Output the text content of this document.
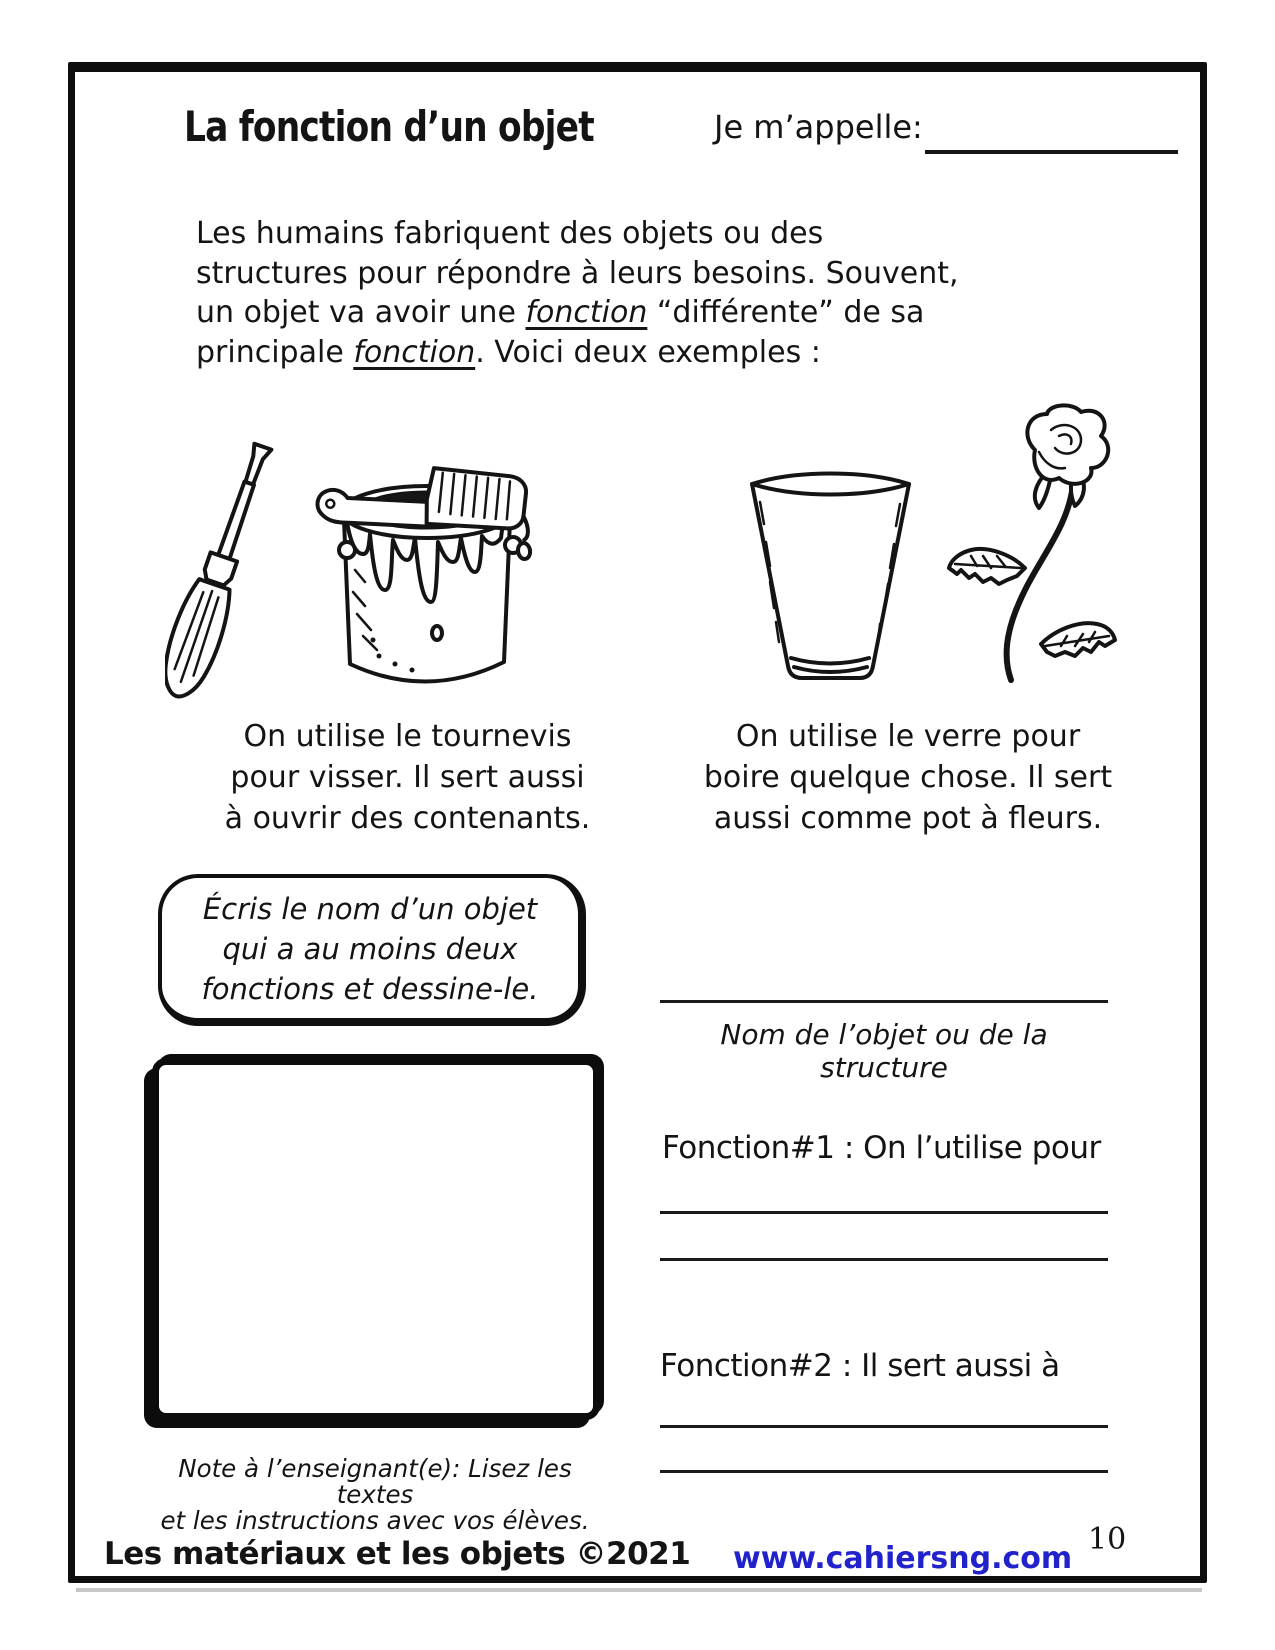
La fonction d’un objet	Je m’appelle:
Les humains fabriquent des objets ou des
structures pour répondre à leurs besoins. Souvent,
un objet va avoir une fonction “différente” de sa
principale fonction. Voici deux exemples :
On utilise le tournevis
pour visser. Il sert aussi
à ouvrir des contenants.
On utilise le verre pour
boire quelque chose. Il sert
aussi comme pot à fleurs.
Écris le nom d’un objet
qui a au moins deux
fonctions et dessine-le.
Nom de l’objet ou de la structure
Fonction#1 : On l’utilise pour
Fonction#2 : Il sert aussi à
Note à l’enseignant(e): Lisez les textes
et les instructions avec vos élèves.
Les matériaux et les objets ©2021 www.cahiersng.com
10
